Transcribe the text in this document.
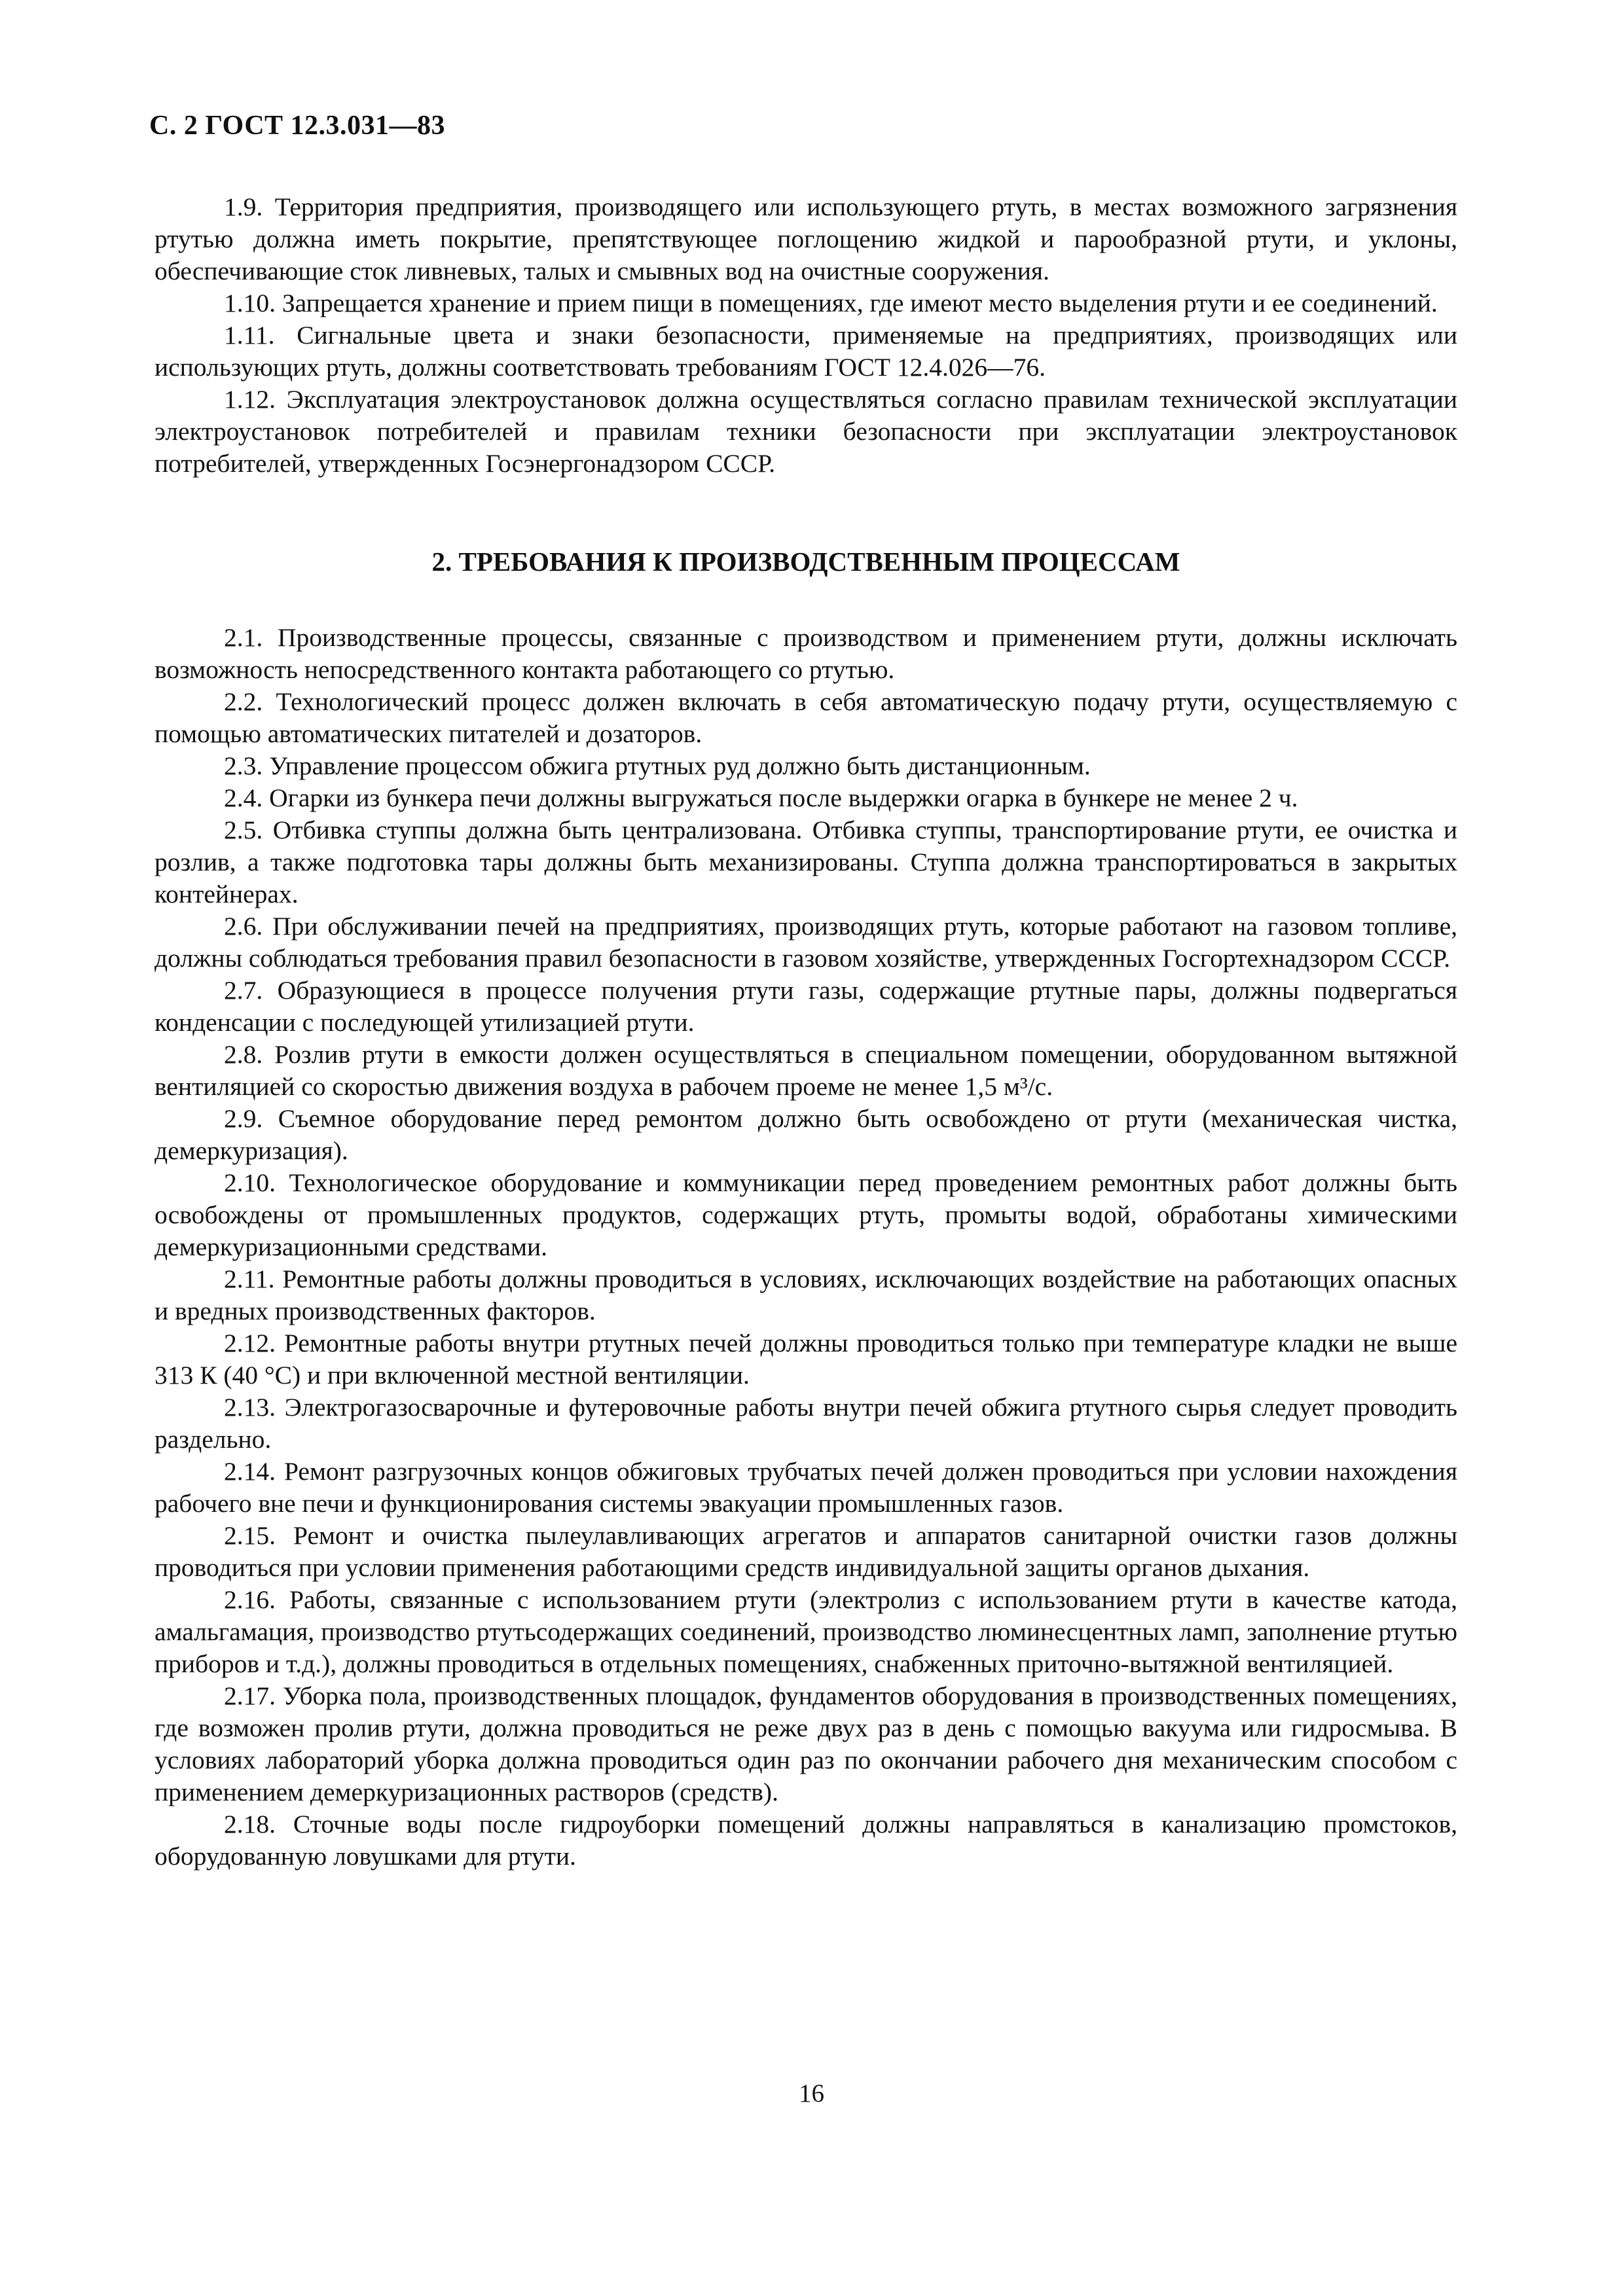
С. 2 ГОСТ 12.3.031—83

1.9. Территория предприятия, производящего или использующего ртуть, в местах возможного загрязнения ртутью должна иметь покрытие, препятствующее поглощению жидкой и парообразной ртути, и уклоны, обеспечивающие сток ливневых, талых и смывных вод на очистные сооружения.

1.10. Запрещается хранение и прием пищи в помещениях, где имеют место выделения ртути и ее соединений.

1.11. Сигнальные цвета и знаки безопасности, применяемые на предприятиях, производящих или использующих ртуть, должны соответствовать требованиям ГОСТ 12.4.026—76.

1.12. Эксплуатация электроустановок должна осуществляться согласно правилам технической эксплуатации электроустановок потребителей и правилам техники безопасности при эксплуатации электроустановок потребителей, утвержденных Госэнергонадзором СССР.

2. ТРЕБОВАНИЯ К ПРОИЗВОДСТВЕННЫМ ПРОЦЕССАМ

2.1. Производственные процессы, связанные с производством и применением ртути, должны исключать возможность непосредственного контакта работающего со ртутью.

2.2. Технологический процесс должен включать в себя автоматическую подачу ртути, осуществляемую с помощью автоматических питателей и дозаторов.

2.3. Управление процессом обжига ртутных руд должно быть дистанционным.

2.4. Огарки из бункера печи должны выгружаться после выдержки огарка в бункере не менее 2 ч.

2.5. Отбивка ступпы должна быть централизована. Отбивка ступпы, транспортирование ртути, ее очистка и розлив, а также подготовка тары должны быть механизированы. Ступпа должна транспортироваться в закрытых контейнерах.

2.6. При обслуживании печей на предприятиях, производящих ртуть, которые работают на газовом топливе, должны соблюдаться требования правил безопасности в газовом хозяйстве, утвержденных Госгортехнадзором СССР.

2.7. Образующиеся в процессе получения ртути газы, содержащие ртутные пары, должны подвергаться конденсации с последующей утилизацией ртути.

2.8. Розлив ртути в емкости должен осуществляться в специальном помещении, оборудованном вытяжной вентиляцией со скоростью движения воздуха в рабочем проеме не менее 1,5 м³/с.

2.9. Съемное оборудование перед ремонтом должно быть освобождено от ртути (механическая чистка, демеркуризация).

2.10. Технологическое оборудование и коммуникации перед проведением ремонтных работ должны быть освобождены от промышленных продуктов, содержащих ртуть, промыты водой, обработаны химическими демеркуризационными средствами.

2.11. Ремонтные работы должны проводиться в условиях, исключающих воздействие на работающих опасных и вредных производственных факторов.

2.12. Ремонтные работы внутри ртутных печей должны проводиться только при температуре кладки не выше 313 К (40 °С) и при включенной местной вентиляции.

2.13. Электрогазосварочные и футеровочные работы внутри печей обжига ртутного сырья следует проводить раздельно.

2.14. Ремонт разгрузочных концов обжиговых трубчатых печей должен проводиться при условии нахождения рабочего вне печи и функционирования системы эвакуации промышленных газов.

2.15. Ремонт и очистка пылеулавливающих агрегатов и аппаратов санитарной очистки газов должны проводиться при условии применения работающими средств индивидуальной защиты органов дыхания.

2.16. Работы, связанные с использованием ртути (электролиз с использованием ртути в качестве катода, амальгамация, производство ртутьсодержащих соединений, производство люминесцентных ламп, заполнение ртутью приборов и т.д.), должны проводиться в отдельных помещениях, снабженных приточно-вытяжной вентиляцией.

2.17. Уборка пола, производственных площадок, фундаментов оборудования в производственных помещениях, где возможен пролив ртути, должна проводиться не реже двух раз в день с помощью вакуума или гидросмыва. В условиях лабораторий уборка должна проводиться один раз по окончании рабочего дня механическим способом с применением демеркуризационных растворов (средств).

2.18. Сточные воды после гидроуборки помещений должны направляться в канализацию промстоков, оборудованную ловушками для ртути.

16
